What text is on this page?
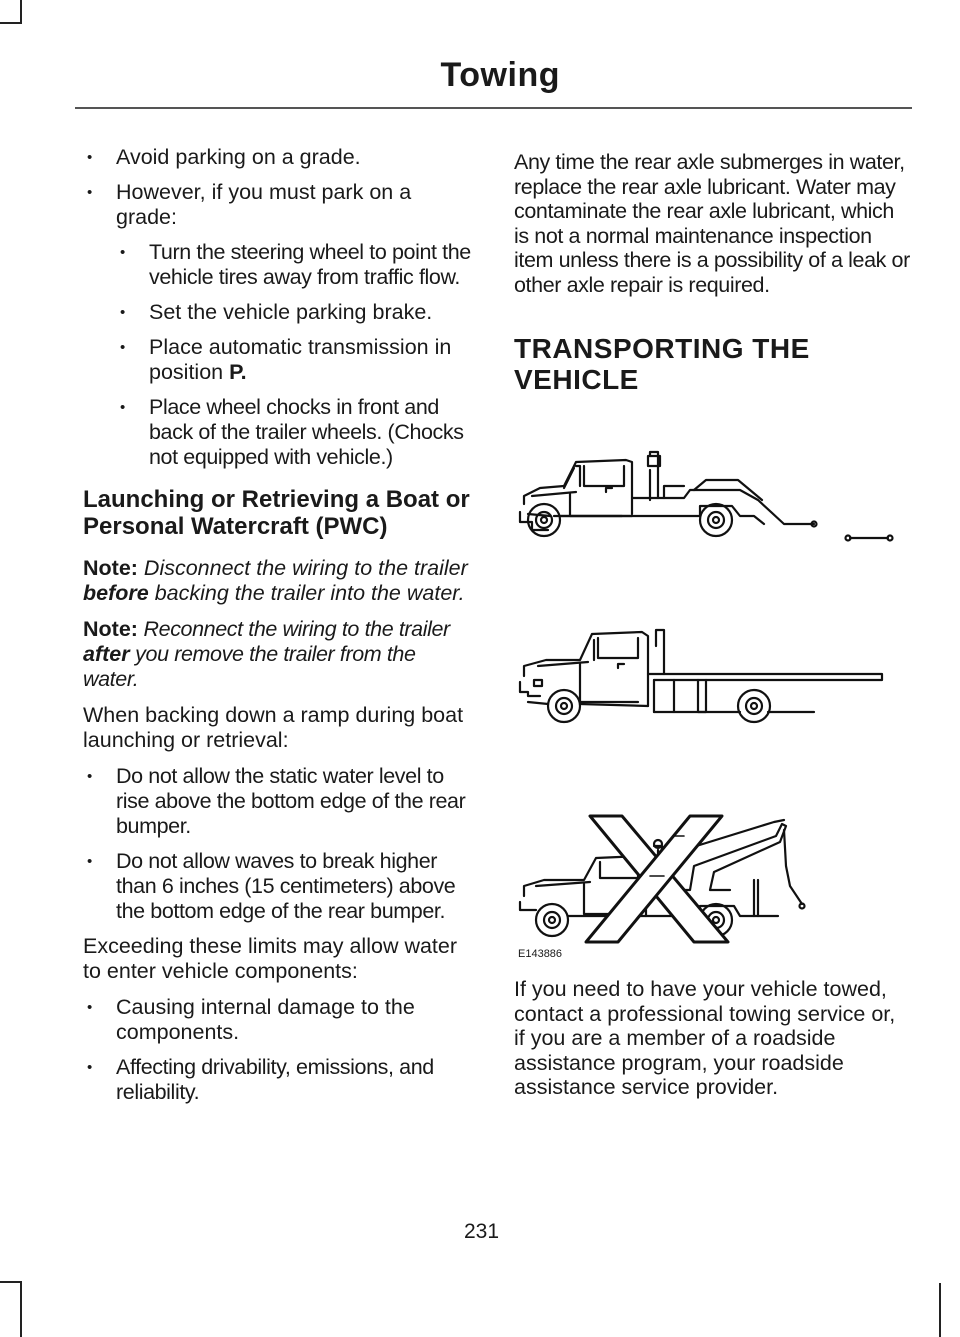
Towing
• Avoid parking on a grade.
• However, if you must park on a grade:
• Turn the steering wheel to point the vehicle tires away from traffic flow.
• Set the vehicle parking brake.
• Place automatic transmission in position P.
• Place wheel chocks in front and back of the trailer wheels. (Chocks not equipped with vehicle.)
Launching or Retrieving a Boat or Personal Watercraft (PWC)

Note: Disconnect the wiring to the trailer before backing the trailer into the water.

Note: Reconnect the wiring to the trailer after you remove the trailer from the water.

When backing down a ramp during boat launching or retrieval:

• Do not allow the static water level to rise above the bottom edge of the rear bumper.
• Do not allow waves to break higher than 6 inches (15 centimeters) above the bottom edge of the rear bumper.

Exceeding these limits may allow water to enter vehicle components:

• Causing internal damage to the components.
• Affecting drivability, emissions, and reliability.

Any time the rear axle submerges in water, replace the rear axle lubricant. Water may contaminate the rear axle lubricant, which is not a normal maintenance inspection item unless there is a possibility of a leak or other axle repair is required.

TRANSPORTING THE
VEHICLE
E143886
If you need to have your vehicle towed, contact a professional towing service or, if you are a member of a roadside assistance program, your roadside assistance service provider.
231
